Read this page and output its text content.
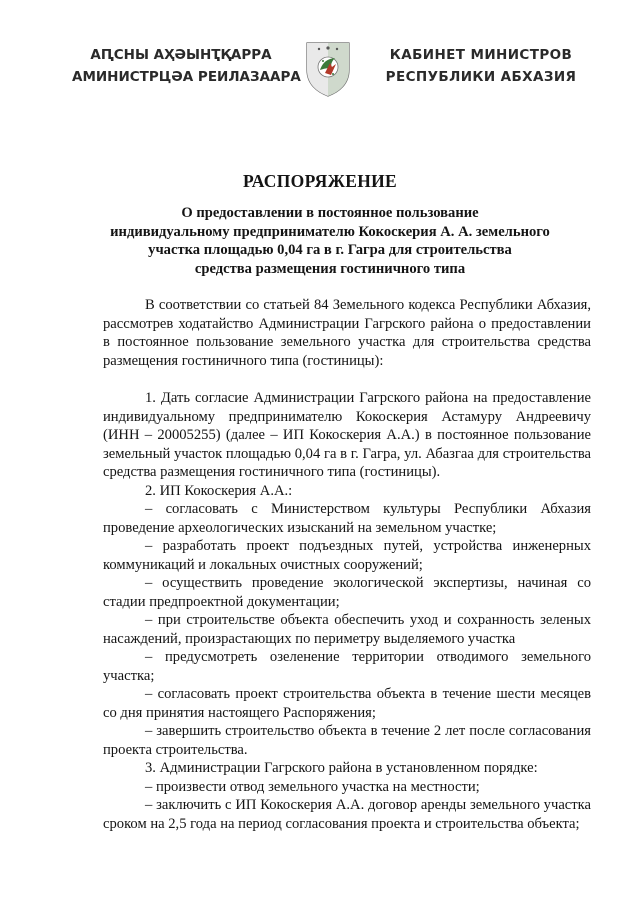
АԤСНЫ АҲӘЫНҬҚАРРА
АМИНИСТРЦӘА РЕИЛАЗААРА
КАБИНЕТ МИНИСТРОВ
РЕСПУБЛИКИ АБХАЗИЯ
РАСПОРЯЖЕНИЕ
О предоставлении в постоянное пользование
индивидуальному предпринимателю Кокоскерия А. А. земельного
участка площадью 0,04 га в г. Гагра для строительства
средства размещения гостиничного типа

В соответствии со статьей 84 Земельного кодекса Республики Абхазия, рассмотрев ходатайство Администрации Гагрского района о предоставлении в постоянное пользование земельного участка для строительства средства размещения гостиничного типа (гостиницы):

1. Дать согласие Администрации Гагрского района на предоставление индивидуальному предпринимателю Кокоскерия Астамуру Андреевичу (ИНН – 20005255) (далее – ИП Кокоскерия А.А.) в постоянное пользование земельный участок площадью 0,04 га в г. Гагра, ул. Абазгаа для строительства средства размещения гостиничного типа (гостиницы).

2. ИП Кокоскерия А.А.:

– согласовать с Министерством культуры Республики Абхазия проведение археологических изысканий на земельном участке;

– разработать проект подъездных путей, устройства инженерных коммуникаций и локальных очистных сооружений;

– осуществить проведение экологической экспертизы, начиная со стадии предпроектной документации;

– при строительстве объекта обеспечить уход и сохранность зеленых насаждений, произрастающих по периметру выделяемого участка

– предусмотреть озеленение территории отводимого земельного участка;

– согласовать проект строительства объекта в течение шести месяцев со дня принятия настоящего Распоряжения;

– завершить строительство объекта в течение 2 лет после согласования проекта строительства.

3. Администрации Гагрского района в установленном порядке:

– произвести отвод земельного участка на местности;

– заключить с ИП Кокоскерия А.А. договор аренды земельного участка сроком на 2,5 года на период согласования проекта и строительства объекта;
